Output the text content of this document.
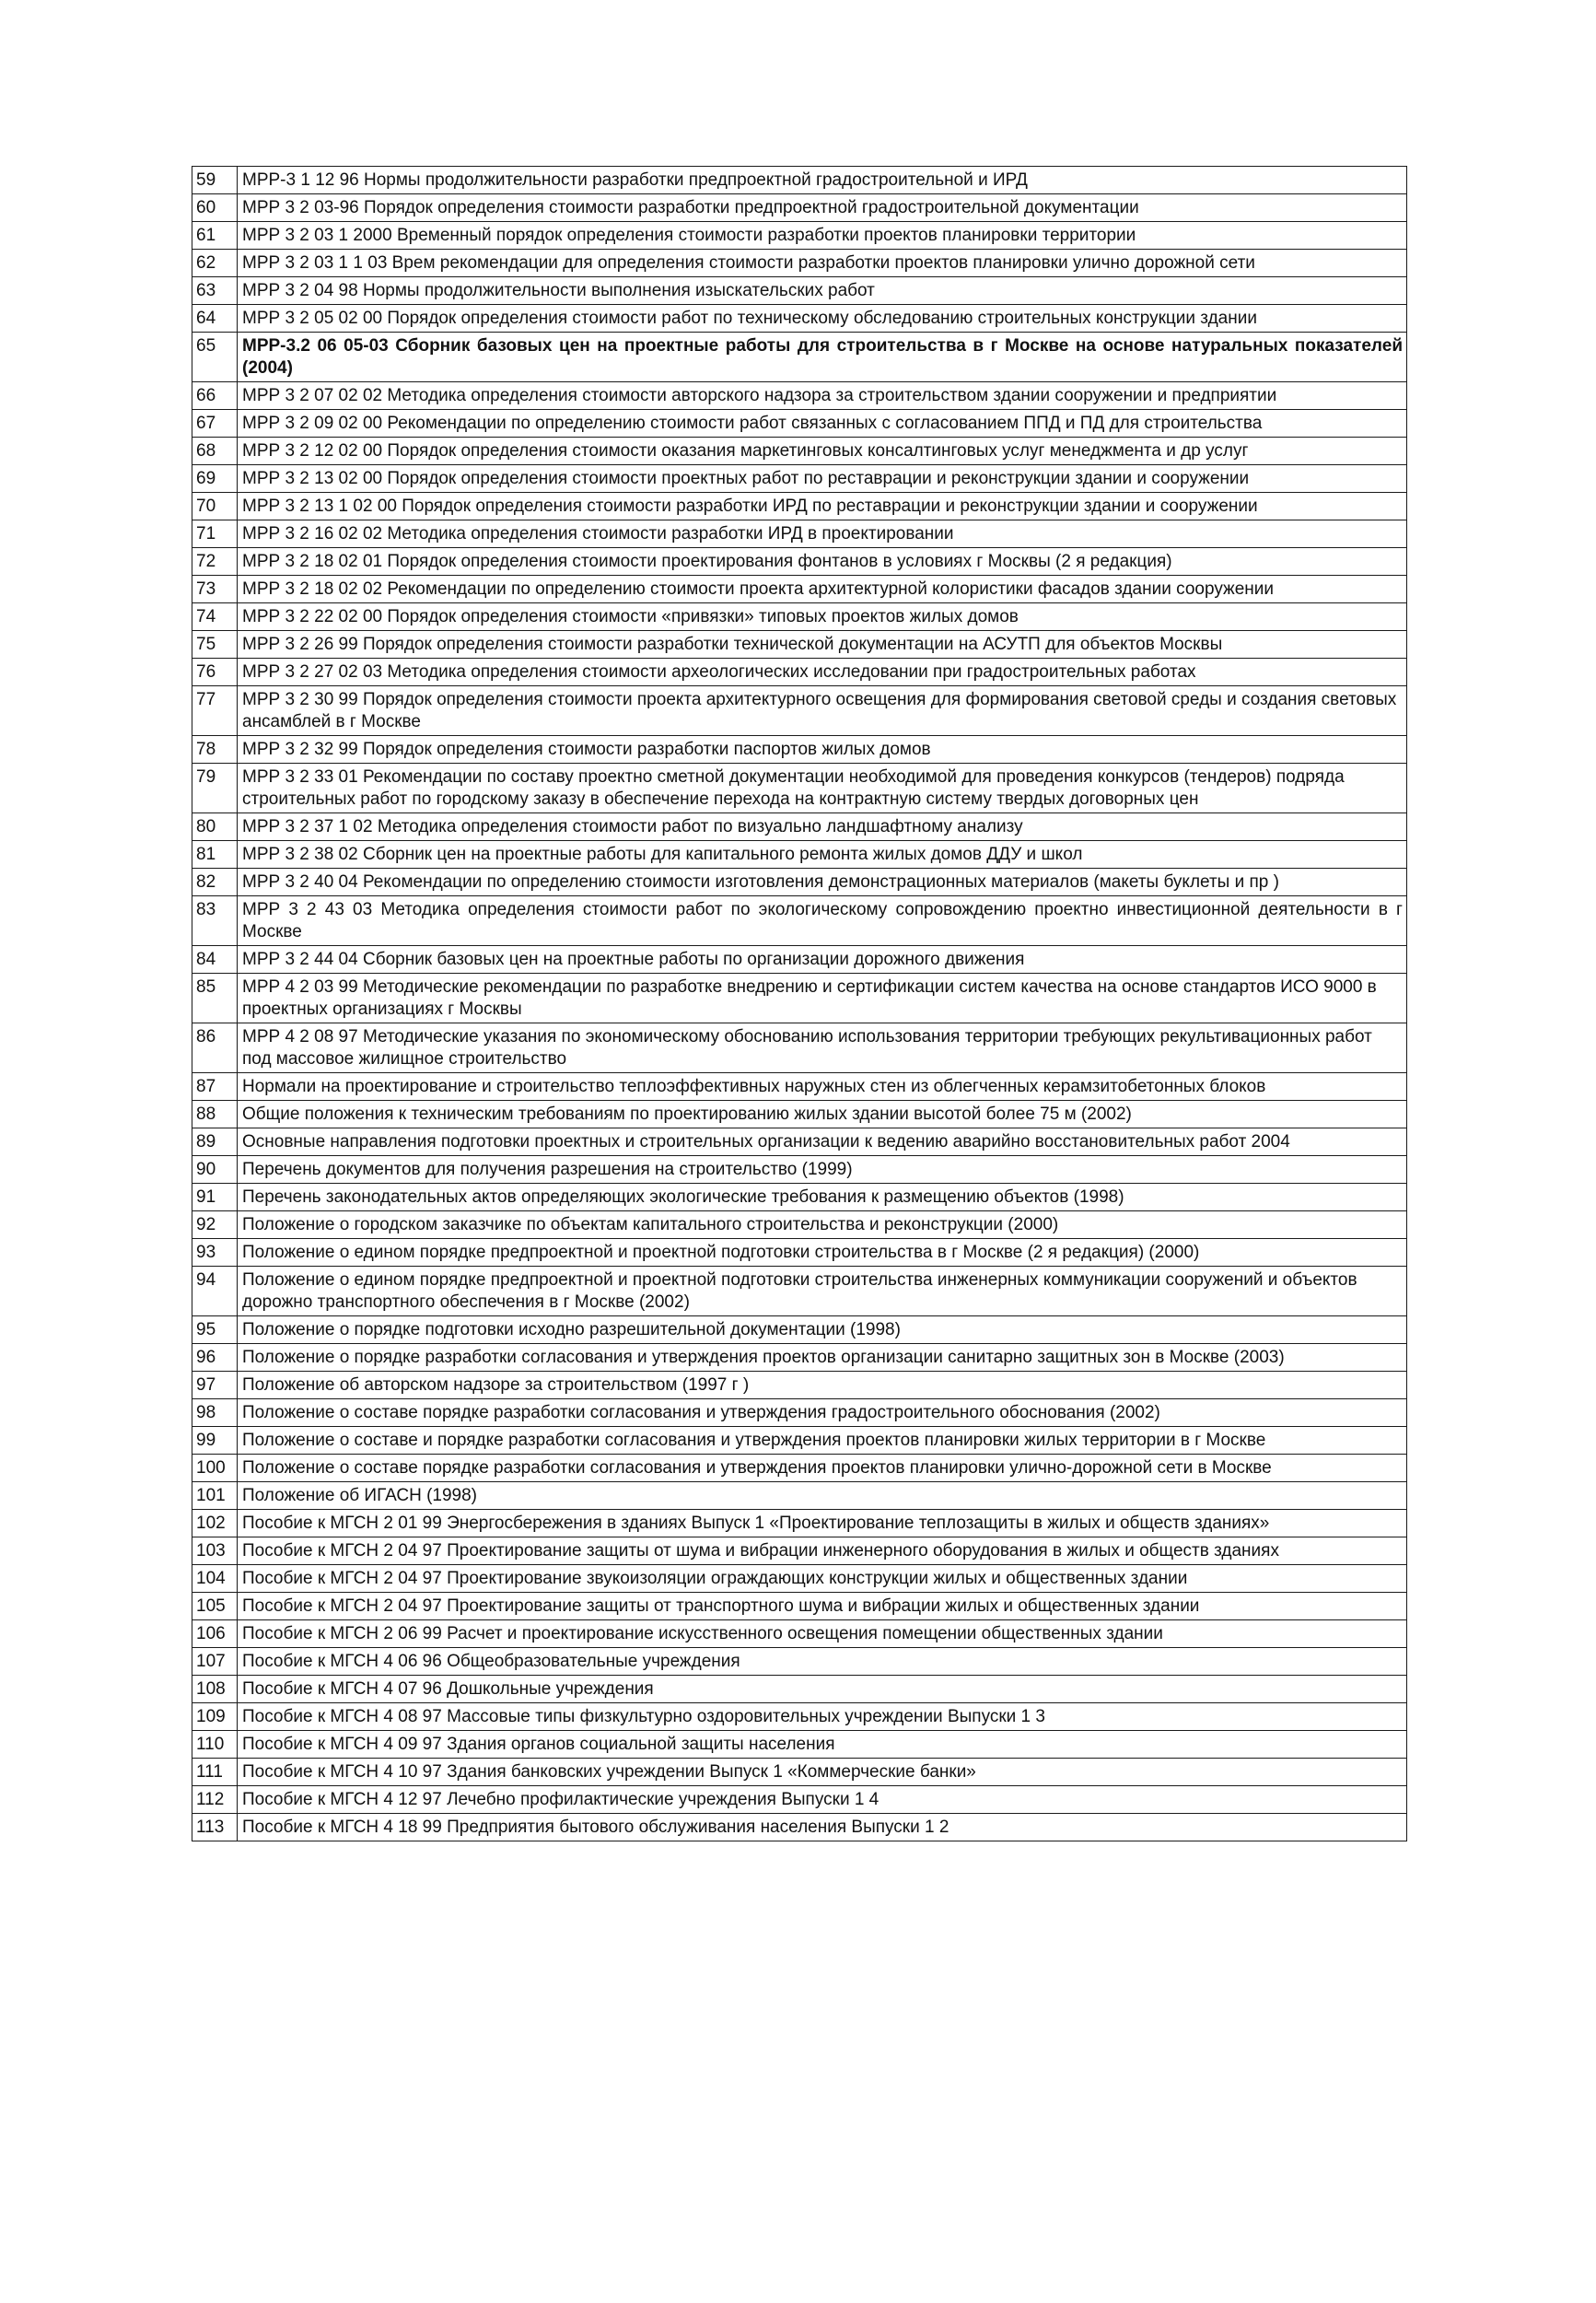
59	МРР-3 1 12 96 Нормы продолжительности разработки предпроектной градостроительной и ИРД
60	МРР 3 2 03-96 Порядок определения стоимости разработки предпроектной градостроительной документации
61	МРР 3 2 03 1 2000 Временный порядок определения стоимости разработки проектов планировки территории
62	МРР 3 2 03 1 1 03 Врем рекомендации для определения стоимости разработки проектов планировки улично дорожной сети
63	МРР 3 2 04 98 Нормы продолжительности выполнения изыскательских работ
64	МРР 3 2 05 02 00 Порядок определения стоимости работ по техническому обследованию строительных конструкции здании
65	МРР-3.2 06 05-03 Сборник базовых цен на проектные работы для строительства в г Москве на основе натуральных показателей (2004)
66	МРР 3 2 07 02 02 Методика определения стоимости авторского надзора за строительством здании сооружении и предприятии
67	МРР 3 2 09 02 00 Рекомендации по определению стоимости работ связанных с согласованием ППД и ПД для строительства
68	МРР 3 2 12 02 00 Порядок определения стоимости оказания маркетинговых консалтинговых услуг менеджмента и др услуг
69	МРР 3 2 13 02 00 Порядок определения стоимости проектных работ по реставрации и реконструкции здании и сооружении
70	МРР 3 2 13 1 02 00 Порядок определения стоимости разработки ИРД по реставрации и реконструкции здании и сооружении
71	МРР 3 2 16 02 02 Методика определения стоимости разработки ИРД в проектировании
72	МРР 3 2 18 02 01 Порядок определения стоимости проектирования фонтанов в условиях г Москвы (2 я редакция)
73	МРР 3 2 18 02 02 Рекомендации по определению стоимости проекта архитектурной колористики фасадов здании сооружении
74	МРР 3 2 22 02 00 Порядок определения стоимости «привязки» типовых проектов жилых домов
75	МРР 3 2 26 99 Порядок определения стоимости разработки технической документации на АСУТП для объектов Москвы
76	МРР 3 2 27 02 03 Методика определения стоимости археологических исследовании при градостроительных работах
77	МРР 3 2 30 99 Порядок определения стоимости проекта архитектурного освещения для формирования световой среды и создания световых ансамблей в г Москве
78	МРР 3 2 32 99 Порядок определения стоимости разработки паспортов жилых домов
79	МРР 3 2 33 01 Рекомендации по составу проектно сметной документации необходимой для проведения конкурсов (тендеров) подряда строительных работ по городскому заказу в обеспечение перехода на контрактную систему твердых договорных цен
80	МРР 3 2 37 1 02 Методика определения стоимости работ по визуально ландшафтному анализу
81	МРР 3 2 38 02 Сборник цен на проектные работы для капитального ремонта жилых домов ДДУ и школ
82	МРР 3 2 40 04 Рекомендации по определению стоимости изготовления демонстрационных материалов (макеты буклеты и пр )
83	МРР 3 2 43 03 Методика определения стоимости работ по экологическому сопровождению проектно инвестиционной деятельности в г Москве
84	МРР 3 2 44 04 Сборник базовых цен на проектные работы по организации дорожного движения
85	МРР 4 2 03 99 Методические рекомендации по разработке внедрению и сертификации систем качества на основе стандартов ИСО 9000 в проектных организациях г Москвы
86	МРР 4 2 08 97 Методические указания по экономическому обоснованию использования территории требующих рекультивационных работ под массовое жилищное строительство
87	Нормали на проектирование и строительство теплоэффективных наружных стен из облегченных керамзитобетонных блоков
88	Общие положения к техническим требованиям по проектированию жилых здании высотой более 75 м (2002)
89	Основные направления подготовки проектных и строительных организации к ведению аварийно восстановительных работ 2004
90	Перечень документов для получения разрешения на строительство (1999)
91	Перечень законодательных актов определяющих экологические требования к размещению объектов (1998)
92	Положение о городском заказчике по объектам капитального строительства и реконструкции (2000)
93	Положение о едином порядке предпроектной и проектной подготовки строительства в г Москве (2 я редакция) (2000)
94	Положение о едином порядке предпроектной и проектной подготовки строительства инженерных коммуникации сооружений и объектов дорожно транспортного обеспечения в г Москве (2002)
95	Положение о порядке подготовки исходно разрешительной документации (1998)
96	Положение о порядке разработки согласования и утверждения проектов организации санитарно защитных зон в Москве (2003)
97	Положение об авторском надзоре за строительством (1997 г )
98	Положение о составе порядке разработки согласования и утверждения градостроительного обоснования (2002)
99	Положение о составе и порядке разработки согласования и утверждения проектов планировки жилых территории в г Москве
100	Положение о составе порядке разработки согласования и утверждения проектов планировки улично-дорожной сети в Москве
101	Положение об ИГАСН (1998)
102	Пособие к МГСН 2 01 99 Энергосбережения в зданиях Выпуск 1 «Проектирование теплозащиты в жилых и обществ зданиях»
103	Пособие к МГСН 2 04 97 Проектирование защиты от шума и вибрации инженерного оборудования в жилых и обществ зданиях
104	Пособие к МГСН 2 04 97 Проектирование звукоизоляции ограждающих конструкции жилых и общественных здании
105	Пособие к МГСН 2 04 97 Проектирование защиты от транспортного шума и вибрации жилых и общественных здании
106	Пособие к МГСН 2 06 99 Расчет и проектирование искусственного освещения помещении общественных здании
107	Пособие к МГСН 4 06 96 Общеобразовательные учреждения
108	Пособие к МГСН 4 07 96 Дошкольные учреждения
109	Пособие к МГСН 4 08 97 Массовые типы физкультурно оздоровительных учреждении Выпуски 1 3
110	Пособие к МГСН 4 09 97 Здания органов социальной защиты населения
111	Пособие к МГСН 4 10 97 Здания банковских учреждении Выпуск 1 «Коммерческие банки»
112	Пособие к МГСН 4 12 97 Лечебно профилактические учреждения Выпуски 1 4
113	Пособие к МГСН 4 18 99 Предприятия бытового обслуживания населения Выпуски 1 2
